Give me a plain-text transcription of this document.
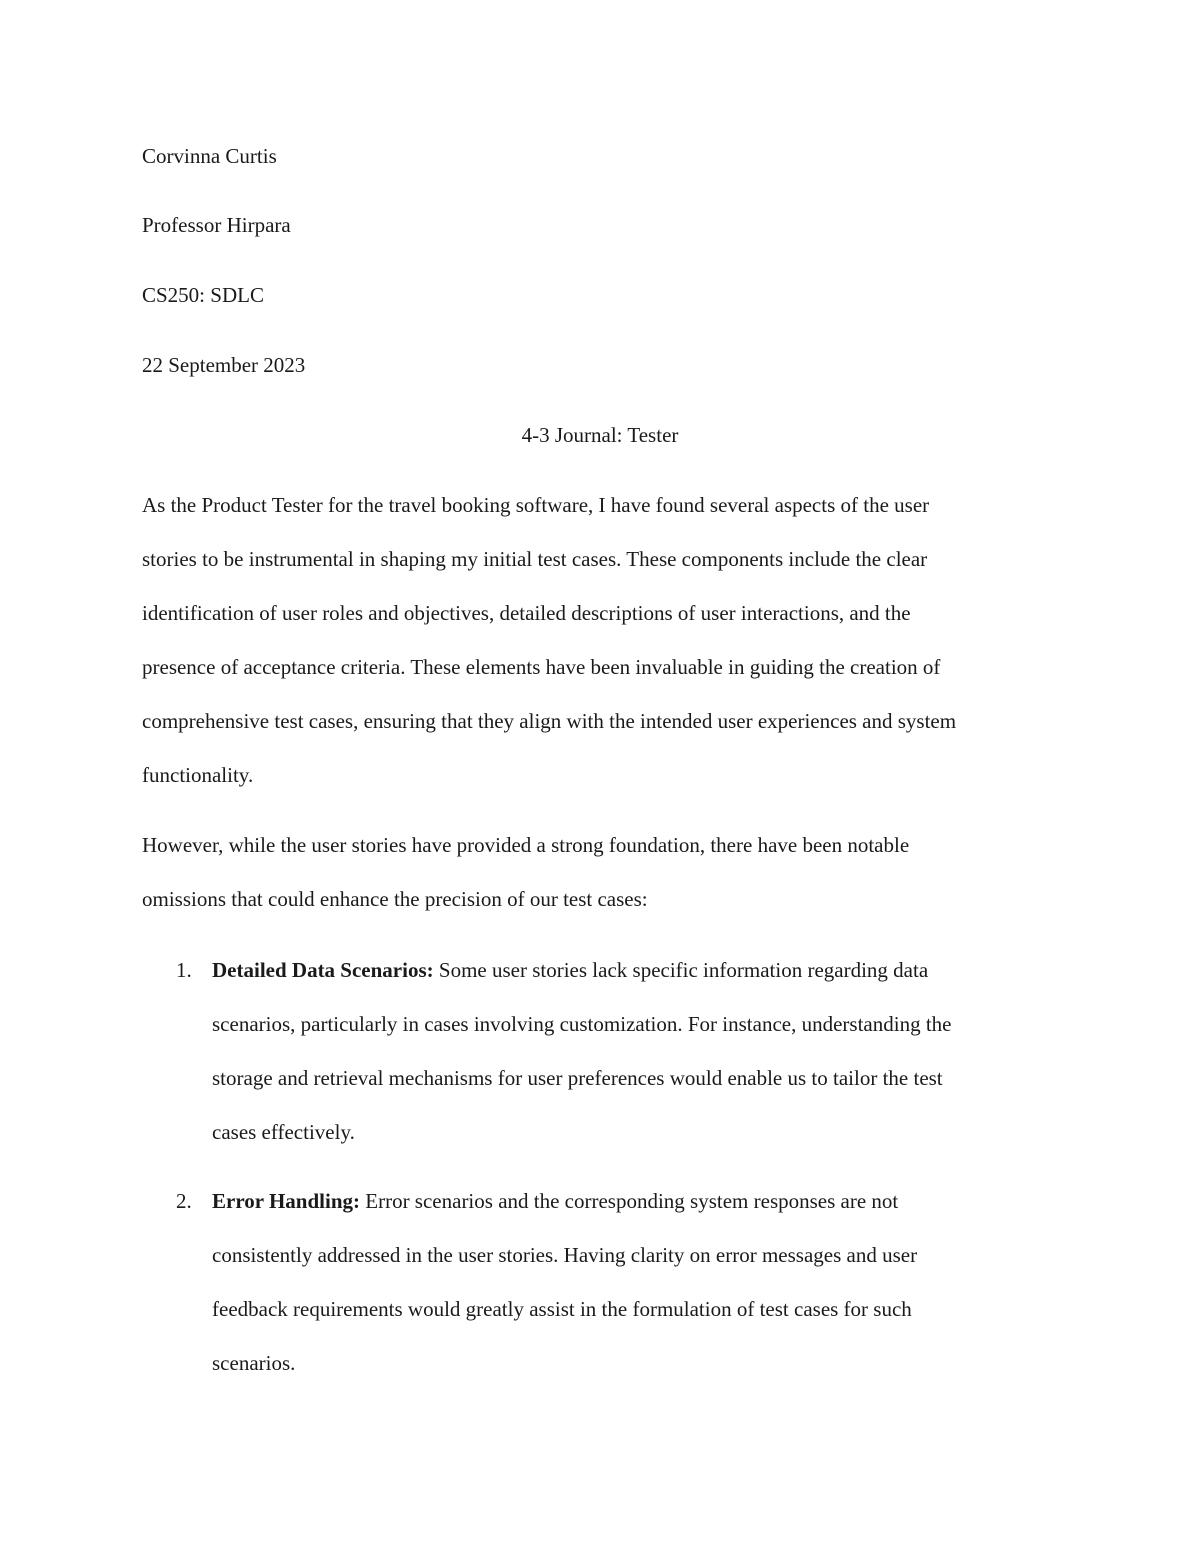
Corvinna Curtis

Professor Hirpara

CS250: SDLC

22 September 2023

4-3 Journal: Tester

As the Product Tester for the travel booking software, I have found several aspects of the user

stories to be instrumental in shaping my initial test cases. These components include the clear

identification of user roles and objectives, detailed descriptions of user interactions, and the

presence of acceptance criteria. These elements have been invaluable in guiding the creation of

comprehensive test cases, ensuring that they align with the intended user experiences and system

functionality.

However, while the user stories have provided a strong foundation, there have been notable

omissions that could enhance the precision of our test cases:

1. Detailed Data Scenarios: Some user stories lack specific information regarding data
scenarios, particularly in cases involving customization. For instance, understanding the
storage and retrieval mechanisms for user preferences would enable us to tailor the test
cases effectively.
2. Error Handling: Error scenarios and the corresponding system responses are not
consistently addressed in the user stories. Having clarity on error messages and user
feedback requirements would greatly assist in the formulation of test cases for such
scenarios.
